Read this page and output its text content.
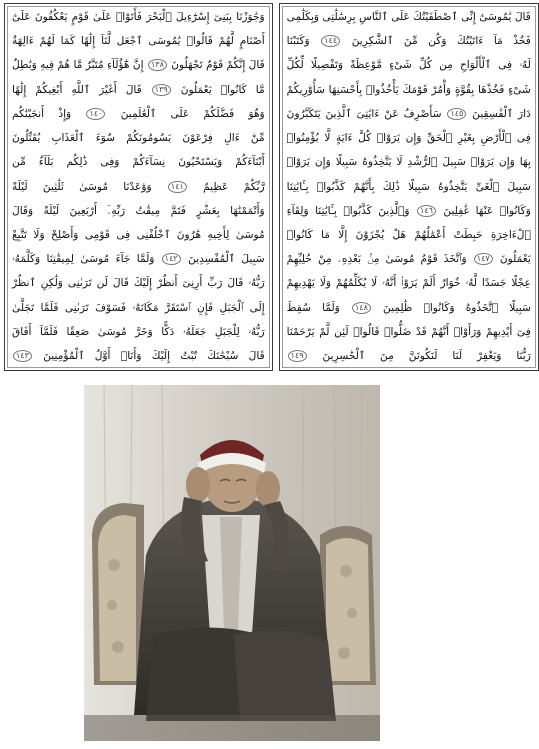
وَجَٰوَزْنَا بِبَنِىٓ إِسْرَٰٓءِيلَ ٱلْبَحْرَ فَأَتَوْا۟ عَلَىٰ قَوْمٍ يَعْكُفُونَ عَلَىٰٓ
أَصْنَامٍ لَّهُمْ قَالُوا۟ يَٰمُوسَى ٱجْعَل لَّنَآ إِلَٰهًا كَمَا لَهُمْ ءَالِهَةٌ
قَالَ إِنَّكُمْ قَوْمٌ تَجْهَلُونَ ١٣٨ إِنَّ هَٰٓؤُلَآءِ مُتَبَّرٌ مَّا هُمْ فِيهِ وَبَٰطِلٌ
مَّا كَانُوا۟ يَعْمَلُونَ ١٣٩ قَالَ أَغَيْرَ ٱللَّهِ أَبْغِيكُمْ إِلَٰهًا
وَهُوَ فَضَّلَكُمْ عَلَى ٱلْعَٰلَمِينَ ١٤٠ وَإِذْ أَنجَيْنَٰكُم
مِّنْ ءَالِ فِرْعَوْنَ يَسُومُونَكُمْ سُوٓءَ ٱلْعَذَابِ يُقَتِّلُونَ
أَبْنَآءَكُمْ وَيَسْتَحْيُونَ نِسَآءَكُمْ وَفِى ذَٰلِكُم بَلَآءٌ مِّن
رَّبِّكُمْ عَظِيمٌ ١٤١ وَوَٰعَدْنَا مُوسَىٰ ثَلَٰثِينَ لَيْلَةً
وَأَتْمَمْنَٰهَا بِعَشْرٍ فَتَمَّ مِيقَٰتُ رَبِّهِۦٓ أَرْبَعِينَ لَيْلَةً وَقَالَ
مُوسَىٰ لِأَخِيهِ هَٰرُونَ ٱخْلُفْنِى فِى قَوْمِى وَأَصْلِحْ وَلَا تَتَّبِعْ
سَبِيلَ ٱلْمُفْسِدِينَ ١٤٢ وَلَمَّا جَآءَ مُوسَىٰ لِمِيقَٰتِنَا وَكَلَّمَهُۥ
رَبُّهُۥ قَالَ رَبِّ أَرِنِىٓ أَنظُرْ إِلَيْكَ قَالَ لَن تَرَىٰنِى وَلَٰكِنِ ٱنظُرْ
إِلَى ٱلْجَبَلِ فَإِنِ ٱسْتَقَرَّ مَكَانَهُۥ فَسَوْفَ تَرَىٰنِى فَلَمَّا تَجَلَّىٰ
رَبُّهُۥ لِلْجَبَلِ جَعَلَهُۥ دَكًّا وَخَرَّ مُوسَىٰ صَعِقًا فَلَمَّآ أَفَاقَ
قَالَ سُبْحَٰنَكَ تُبْتُ إِلَيْكَ وَأَنَا۠ أَوَّلُ ٱلْمُؤْمِنِينَ ١٤٣
قَالَ يَٰمُوسَىٰٓ إِنِّى ٱصْطَفَيْتُكَ عَلَى ٱلنَّاسِ بِرِسَٰلَٰتِى وَبِكَلَٰمِى
فَخُذْ مَآ ءَاتَيْتُكَ وَكُن مِّنَ ٱلشَّٰكِرِينَ ١٤٤ وَكَتَبْنَا
لَهُۥ فِى ٱلْأَلْوَاحِ مِن كُلِّ شَىْءٍ مَّوْعِظَةً وَتَفْصِيلًا لِّكُلِّ
شَىْءٍ فَخُذْهَا بِقُوَّةٍ وَأْمُرْ قَوْمَكَ يَأْخُذُوا۟ بِأَحْسَنِهَا سَأُوْرِيكُمْ
دَارَ ٱلْفَٰسِقِينَ ١٤٥ سَأَصْرِفُ عَنْ ءَايَٰتِىَ ٱلَّذِينَ يَتَكَبَّرُونَ
فِى ٱلْأَرْضِ بِغَيْرِ ٱلْحَقِّ وَإِن يَرَوْا۟ كُلَّ ءَايَةٍ لَّا يُؤْمِنُوا۟
بِهَا وَإِن يَرَوْا۟ سَبِيلَ ٱلرُّشْدِ لَا يَتَّخِذُوهُ سَبِيلًا وَإِن يَرَوْا۟
سَبِيلَ ٱلْغَىِّ يَتَّخِذُوهُ سَبِيلًا ذَٰلِكَ بِأَنَّهُمْ كَذَّبُوا۟ بِـَٔايَٰتِنَا
وَكَانُوا۟ عَنْهَا غَٰفِلِينَ ١٤٦ وَٱلَّذِينَ كَذَّبُوا۟ بِـَٔايَٰتِنَا وَلِقَآءِ
ٱلْءَاخِرَةِ حَبِطَتْ أَعْمَٰلُهُمْ هَلْ يُجْزَوْنَ إِلَّا مَا كَانُوا۟
يَعْمَلُونَ ١٤٧ وَٱتَّخَذَ قَوْمُ مُوسَىٰ مِنۢ بَعْدِهِۦ مِنْ حُلِيِّهِمْ
عِجْلًا جَسَدًا لَّهُۥ خُوَارٌ أَلَمْ يَرَوْا۟ أَنَّهُۥ لَا يُكَلِّمُهُمْ وَلَا يَهْدِيهِمْ
سَبِيلًا ٱتَّخَذُوهُ وَكَانُوا۟ ظَٰلِمِينَ ١٤٨ وَلَمَّا سُقِطَ
فِىٓ أَيْدِيهِمْ وَرَأَوْا۟ أَنَّهُمْ قَدْ ضَلُّوا۟ قَالُوا۟ لَئِن لَّمْ يَرْحَمْنَا
رَبُّنَا وَيَغْفِرْ لَنَا لَنَكُونَنَّ مِنَ ٱلْخَٰسِرِينَ ١٤٩
